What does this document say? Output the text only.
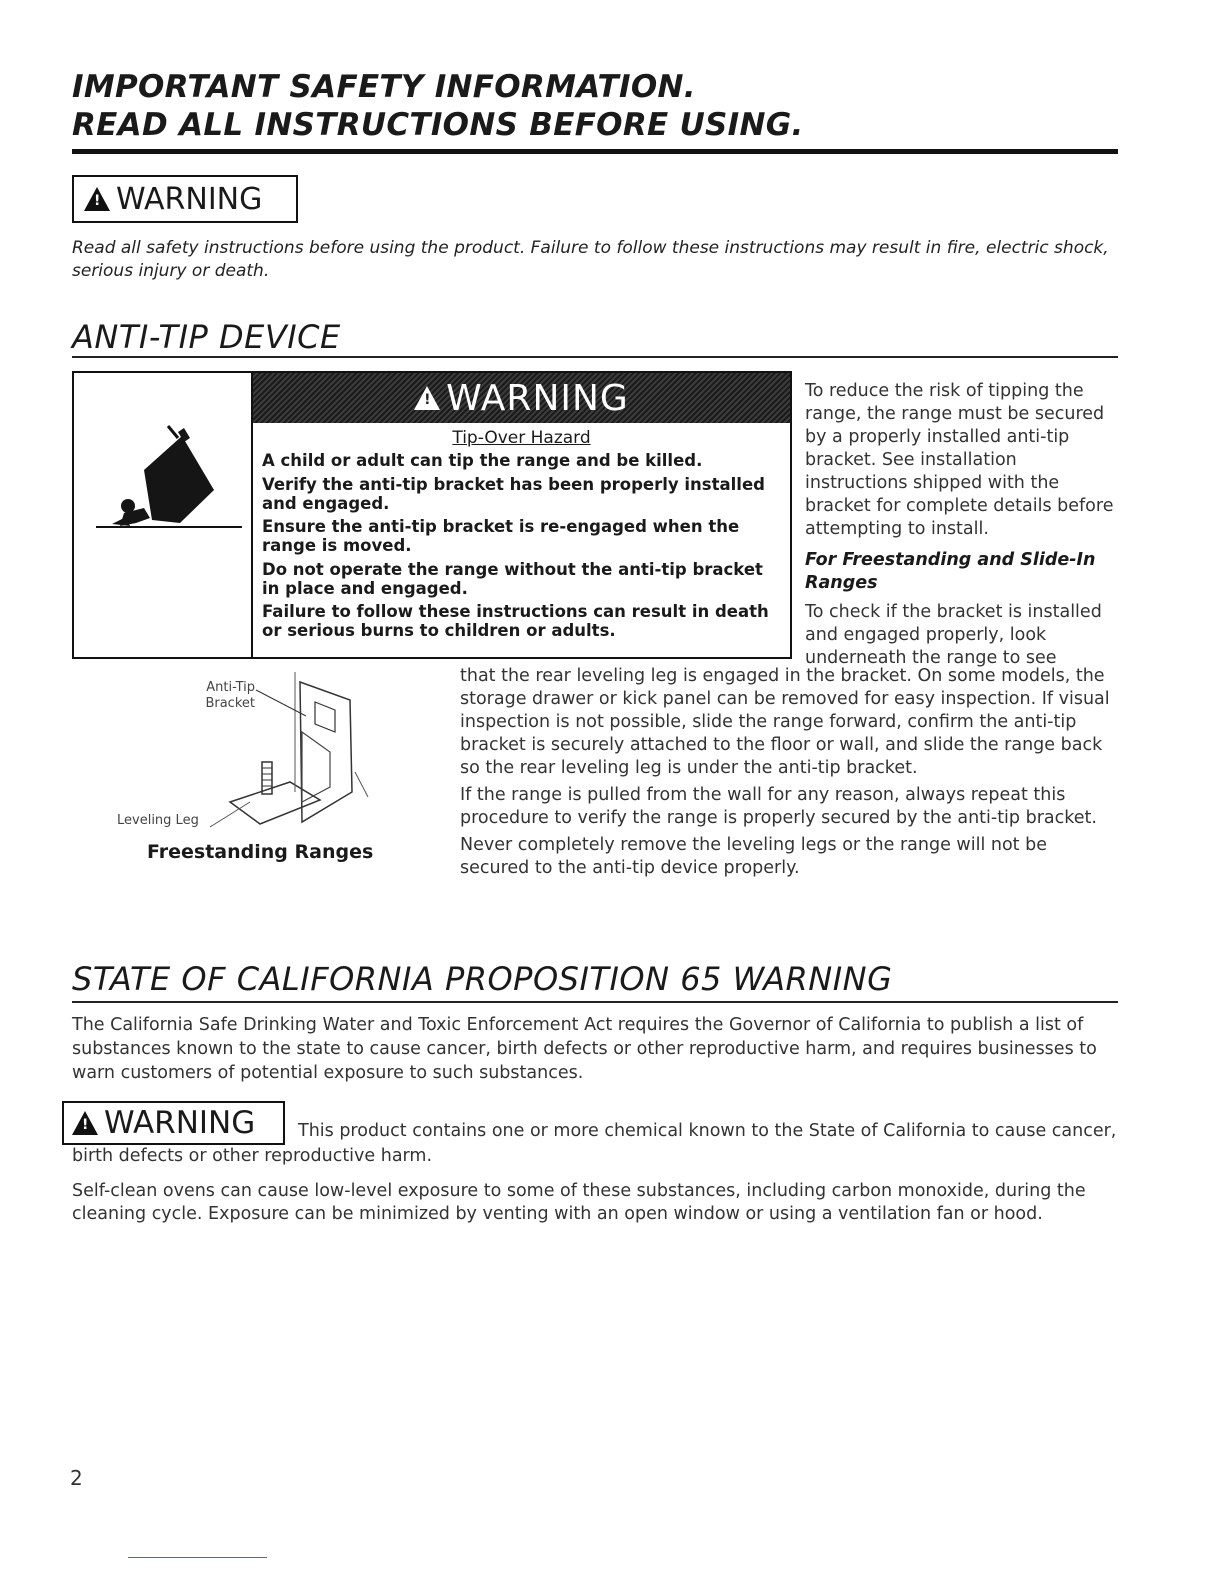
IMPORTANT SAFETY INFORMATION.
READ ALL INSTRUCTIONS BEFORE USING.
!
WARNING
Read all safety instructions before using the product. Failure to follow these instructions may result in fire, electric shock, serious injury or death.
ANTI-TIP DEVICE
!
WARNING
Tip-Over Hazard

A child or adult can tip the range and be killed.

Verify the anti-tip bracket has been properly installed and engaged.

Ensure the anti-tip bracket is re-engaged when the range is moved.

Do not operate the range without the anti-tip bracket in place and engaged.

Failure to follow these instructions can result in death or serious burns to children or adults.

To reduce the risk of tipping the range, the range must be secured by a properly installed anti-tip bracket. See installation instructions shipped with the bracket for complete details before attempting to install.

For Freestanding and Slide-In Ranges

To check if the bracket is installed and engaged properly, look underneath the range to see

Anti-Tip
Bracket
Leveling Leg
Freestanding Ranges

that the rear leveling leg is engaged in the bracket. On some models, the storage drawer or kick panel can be removed for easy inspection. If visual inspection is not possible, slide the range forward, confirm the anti-tip bracket is securely attached to the floor or wall, and slide the range back so the rear leveling leg is under the anti-tip bracket.

If the range is pulled from the wall for any reason, always repeat this procedure to verify the range is properly secured by the anti-tip bracket.

Never completely remove the leveling legs or the range will not be secured to the anti-tip device properly.

STATE OF CALIFORNIA PROPOSITION 65 WARNING

The California Safe Drinking Water and Toxic Enforcement Act requires the Governor of California to publish a list of substances known to the state to cause cancer, birth defects or other reproductive harm, and requires businesses to warn customers of potential exposure to such substances.

!
WARNING This product contains one or more chemical known to the State of California to cause cancer,
birth defects or other reproductive harm.
Self-clean ovens can cause low-level exposure to some of these substances, including carbon monoxide, during the cleaning cycle. Exposure can be minimized by venting with an open window or using a ventilation fan or hood.
2
